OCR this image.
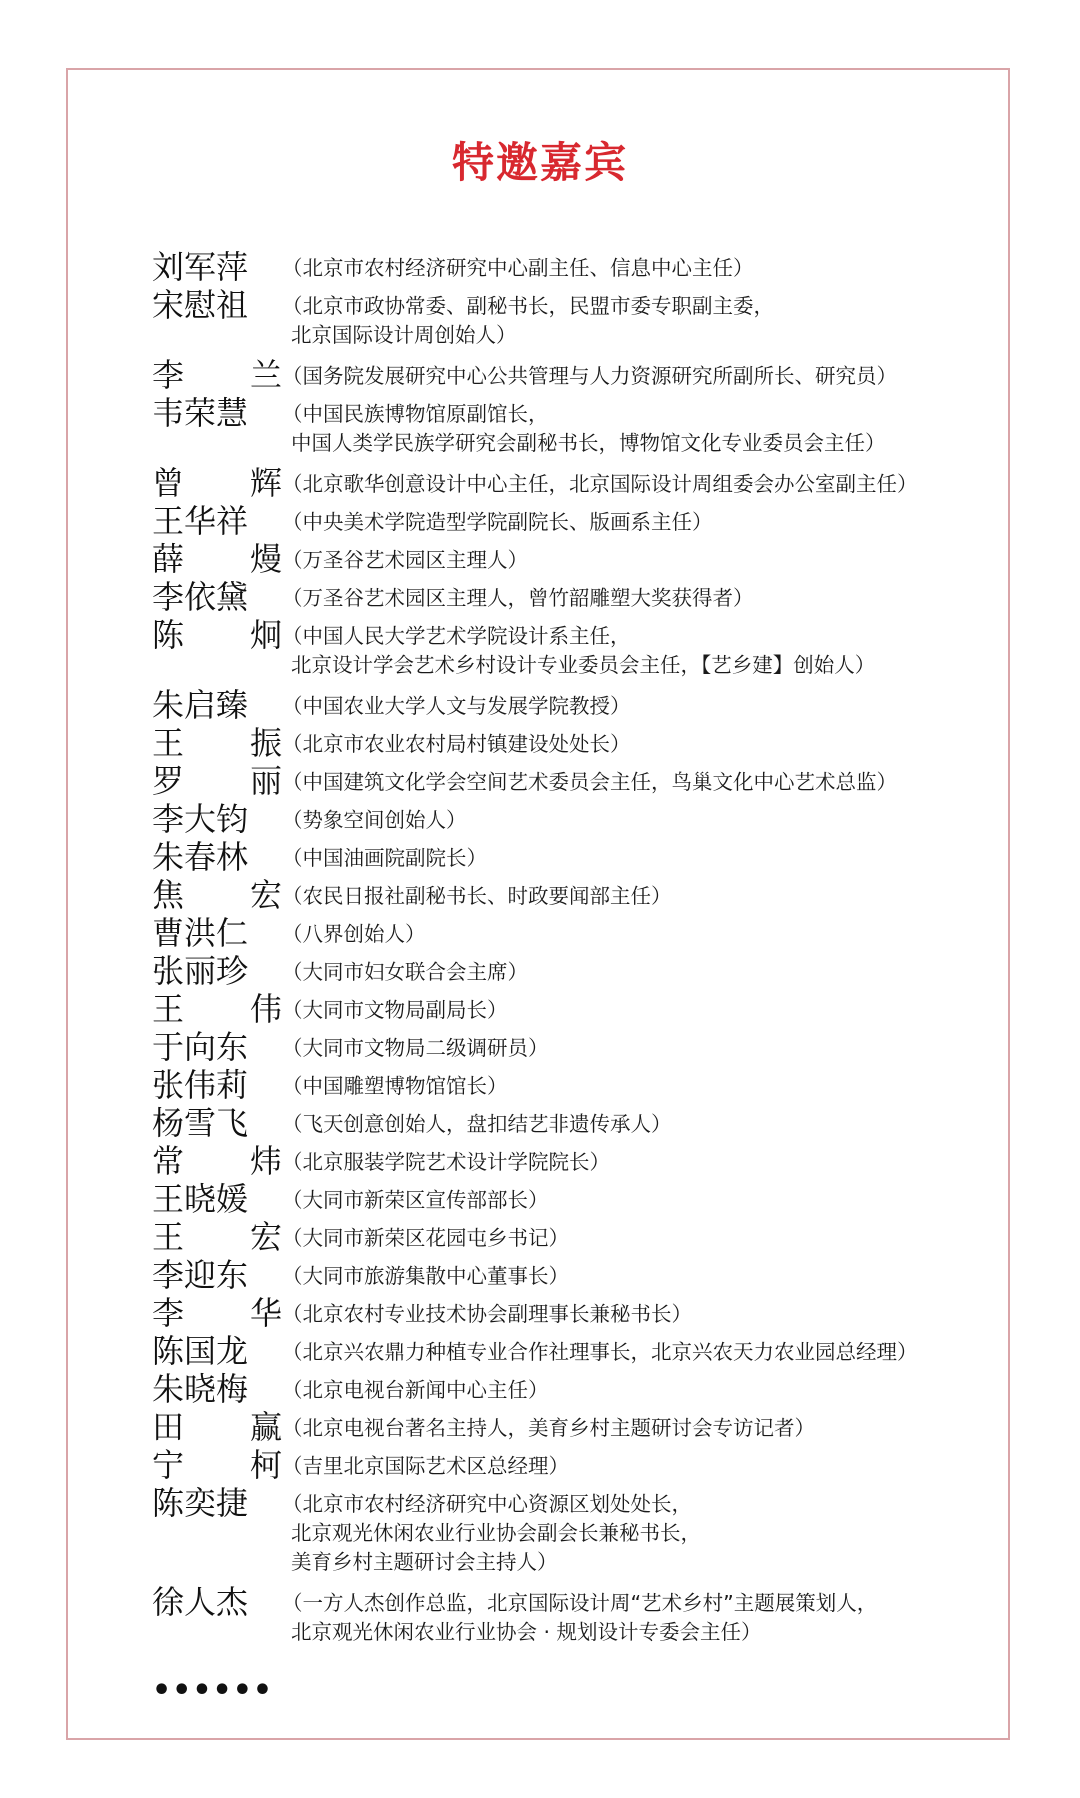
特邀嘉宾
刘军萍	（北京市农村经济研究中心副主任、信息中心主任）
宋慰祖	（北京市政协常委、副秘书长，民盟市委专职副主委，
北京国际设计周创始人）
李 兰 （国务院发展研究中心公共管理与人力资源研究所副所长、研究员）
韦荣慧	（中国民族博物馆原副馆长，
中国人类学民族学研究会副秘书长，博物馆文化专业委员会主任）
曾 辉 （北京歌华创意设计中心主任，北京国际设计周组委会办公室副主任）
王华祥	（中央美术学院造型学院副院长、版画系主任）
薛 熳 （万圣谷艺术园区主理人）
李依黛	（万圣谷艺术园区主理人，曾竹韶雕塑大奖获得者）
陈 炯 （中国人民大学艺术学院设计系主任，
北京设计学会艺术乡村设计专业委员会主任，【艺乡建】创始人）
朱启臻	（中国农业大学人文与发展学院教授）
王 振 （北京市农业农村局村镇建设处处长）
罗 丽 （中国建筑文化学会空间艺术委员会主任，鸟巢文化中心艺术总监）
李大钧	（势象空间创始人）
朱春林	（中国油画院副院长）
焦 宏 （农民日报社副秘书长、时政要闻部主任）
曹洪仁	（八界创始人）
张丽珍	（大同市妇女联合会主席）
王 伟 （大同市文物局副局长）
于向东	（大同市文物局二级调研员）
张伟莉	（中国雕塑博物馆馆长）
杨雪飞	（飞天创意创始人，盘扣结艺非遗传承人）
常 炜 （北京服装学院艺术设计学院院长）
王晓媛	（大同市新荣区宣传部部长）
王 宏 （大同市新荣区花园屯乡书记）
李迎东	（大同市旅游集散中心董事长）
李 华 （北京农村专业技术协会副理事长兼秘书长）
陈国龙	（北京兴农鼎力种植专业合作社理事长，北京兴农天力农业园总经理）
朱晓梅	（北京电视台新闻中心主任）
田 赢 （北京电视台著名主持人，美育乡村主题研讨会专访记者）
宁 柯 （吉里北京国际艺术区总经理）
陈奕捷	（北京市农村经济研究中心资源区划处处长，
北京观光休闲农业行业协会副会长兼秘书长，
美育乡村主题研讨会主持人）
徐人杰	（一方人杰创作总监，北京国际设计周“艺术乡村”主题展策划人，
北京观光休闲农业行业协会 · 规划设计专委会主任）
••••••
